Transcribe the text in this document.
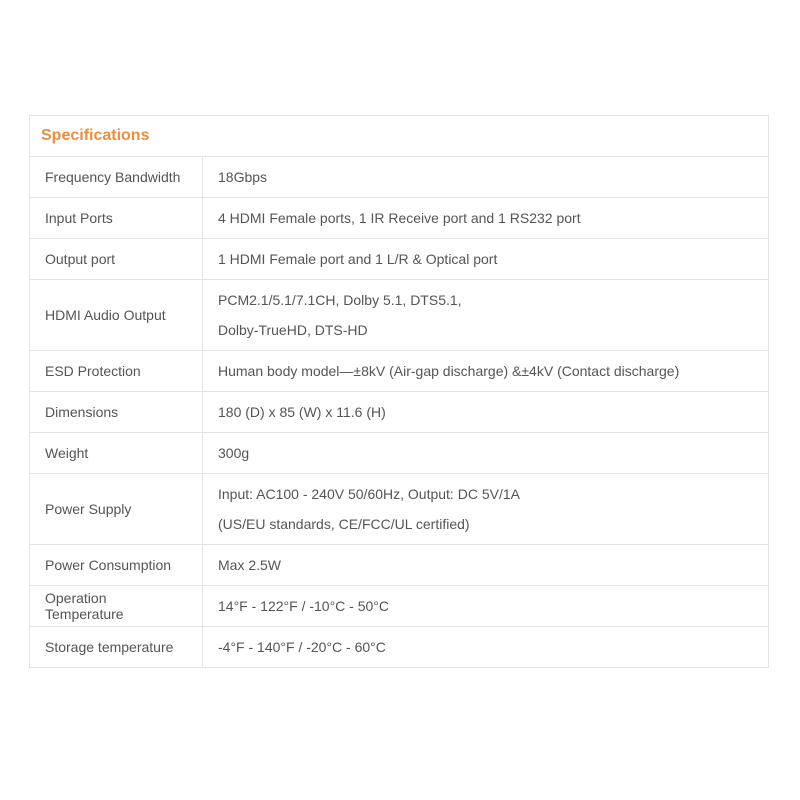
Specifications	
Frequency Bandwidth	18Gbps

Input Ports	4 HDMI Female ports, 1 IR Receive port and 1 RS232 port

Output port	1 HDMI Female port and 1 L/R & Optical port

HDMI Audio Output	PCM2.1/5.1/7.1CH, Dolby 5.1, DTS5.1,
Dolby-TrueHD, DTS-HD

ESD Protection	Human body model—±8kV (Air-gap discharge) &±4kV (Contact discharge)

Dimensions	180 (D) x 85 (W) x 11.6 (H)

Weight	300g

Power Supply	Input: AC100 - 240V 50/60Hz, Output: DC 5V/1A
(US/EU standards, CE/FCC/UL certified)

Power Consumption	Max 2.5W

Operation Temperature	14°F - 122°F / -10°C - 50°C

Storage temperature	-4°F - 140°F / -20°C - 60°C
